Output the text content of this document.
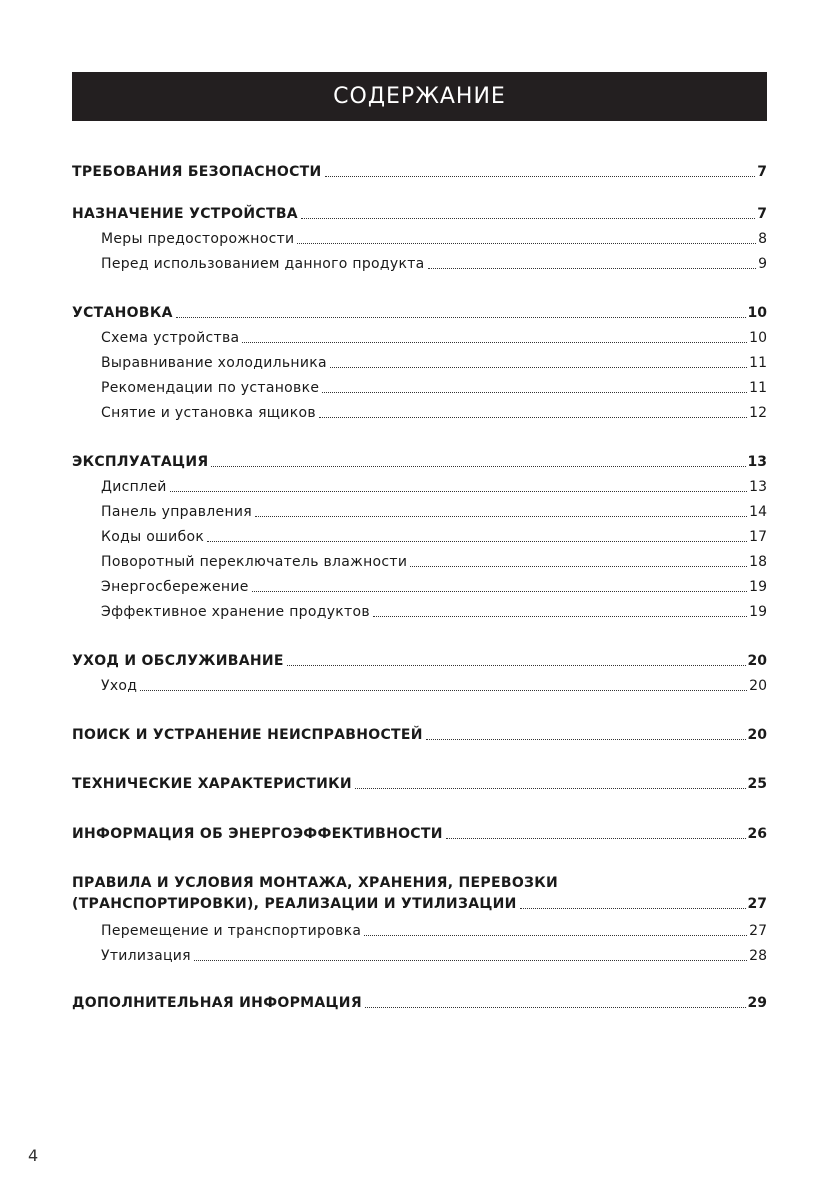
СОДЕРЖАНИЕ
ТРЕБОВАНИЯ БЕЗОПАСНОСТИ	7
НАЗНАЧЕНИЕ УСТРОЙСТВА	7
Меры предосторожности	8
Перед использованием данного продукта	9
УСТАНОВКА	10
Схема устройства	10
Выравнивание холодильника	11
Рекомендации по установке	11
Снятие и установка ящиков	12
ЭКСПЛУАТАЦИЯ	13
Дисплей	13
Панель управления	14
Коды ошибок	17
Поворотный переключатель влажности	18
Энергосбережение	19
Эффективное хранение продуктов	19
УХОД И ОБСЛУЖИВАНИЕ	20
Уход	20
ПОИСК И УСТРАНЕНИЕ НЕИСПРАВНОСТЕЙ	20
ТЕХНИЧЕСКИЕ ХАРАКТЕРИСТИКИ	25
ИНФОРМАЦИЯ ОБ ЭНЕРГОЭФФЕКТИВНОСТИ	26
ПРАВИЛА И УСЛОВИЯ МОНТАЖА, ХРАНЕНИЯ, ПЕРЕВОЗКИ
(ТРАНСПОРТИРОВКИ), РЕАЛИЗАЦИИ И УТИЛИЗАЦИИ	27
Перемещение и транспортировка	27
Утилизация	28
ДОПОЛНИТЕЛЬНАЯ ИНФОРМАЦИЯ	29
4
